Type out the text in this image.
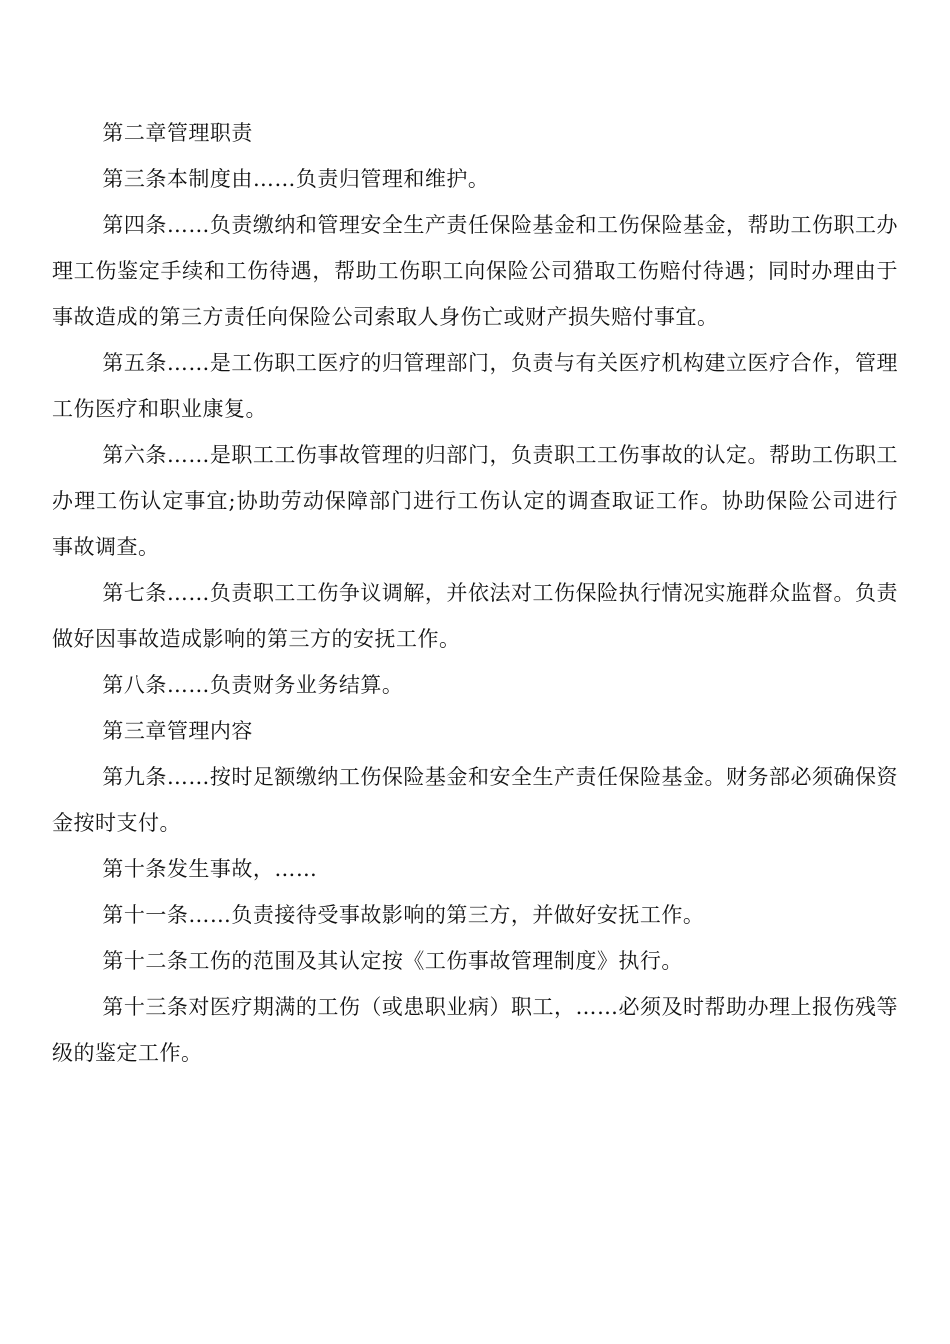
第二章管理职责

第三条本制度由……负责归管理和维护。

第四条……负责缴纳和管理安全生产责任保险基金和工伤保险基金，帮助工伤职工办理工伤鉴定手续和工伤待遇，帮助工伤职工向保险公司猎取工伤赔付待遇；同时办理由于事故造成的第三方责任向保险公司索取人身伤亡或财产损失赔付事宜。

第五条……是工伤职工医疗的归管理部门，负责与有关医疗机构建立医疗合作，管理工伤医疗和职业康复。

第六条……是职工工伤事故管理的归部门，负责职工工伤事故的认定。帮助工伤职工办理工伤认定事宜;协助劳动保障部门进行工伤认定的调查取证工作。协助保险公司进行事故调查。

第七条……负责职工工伤争议调解，并依法对工伤保险执行情况实施群众监督。负责做好因事故造成影响的第三方的安抚工作。

第八条……负责财务业务结算。

第三章管理内容

第九条……按时足额缴纳工伤保险基金和安全生产责任保险基金。财务部必须确保资金按时支付。

第十条发生事故，……

第十一条……负责接待受事故影响的第三方，并做好安抚工作。

第十二条工伤的范围及其认定按《工伤事故管理制度》执行。

第十三条对医疗期满的工伤（或患职业病）职工，……必须及时帮助办理上报伤残等级的鉴定工作。
